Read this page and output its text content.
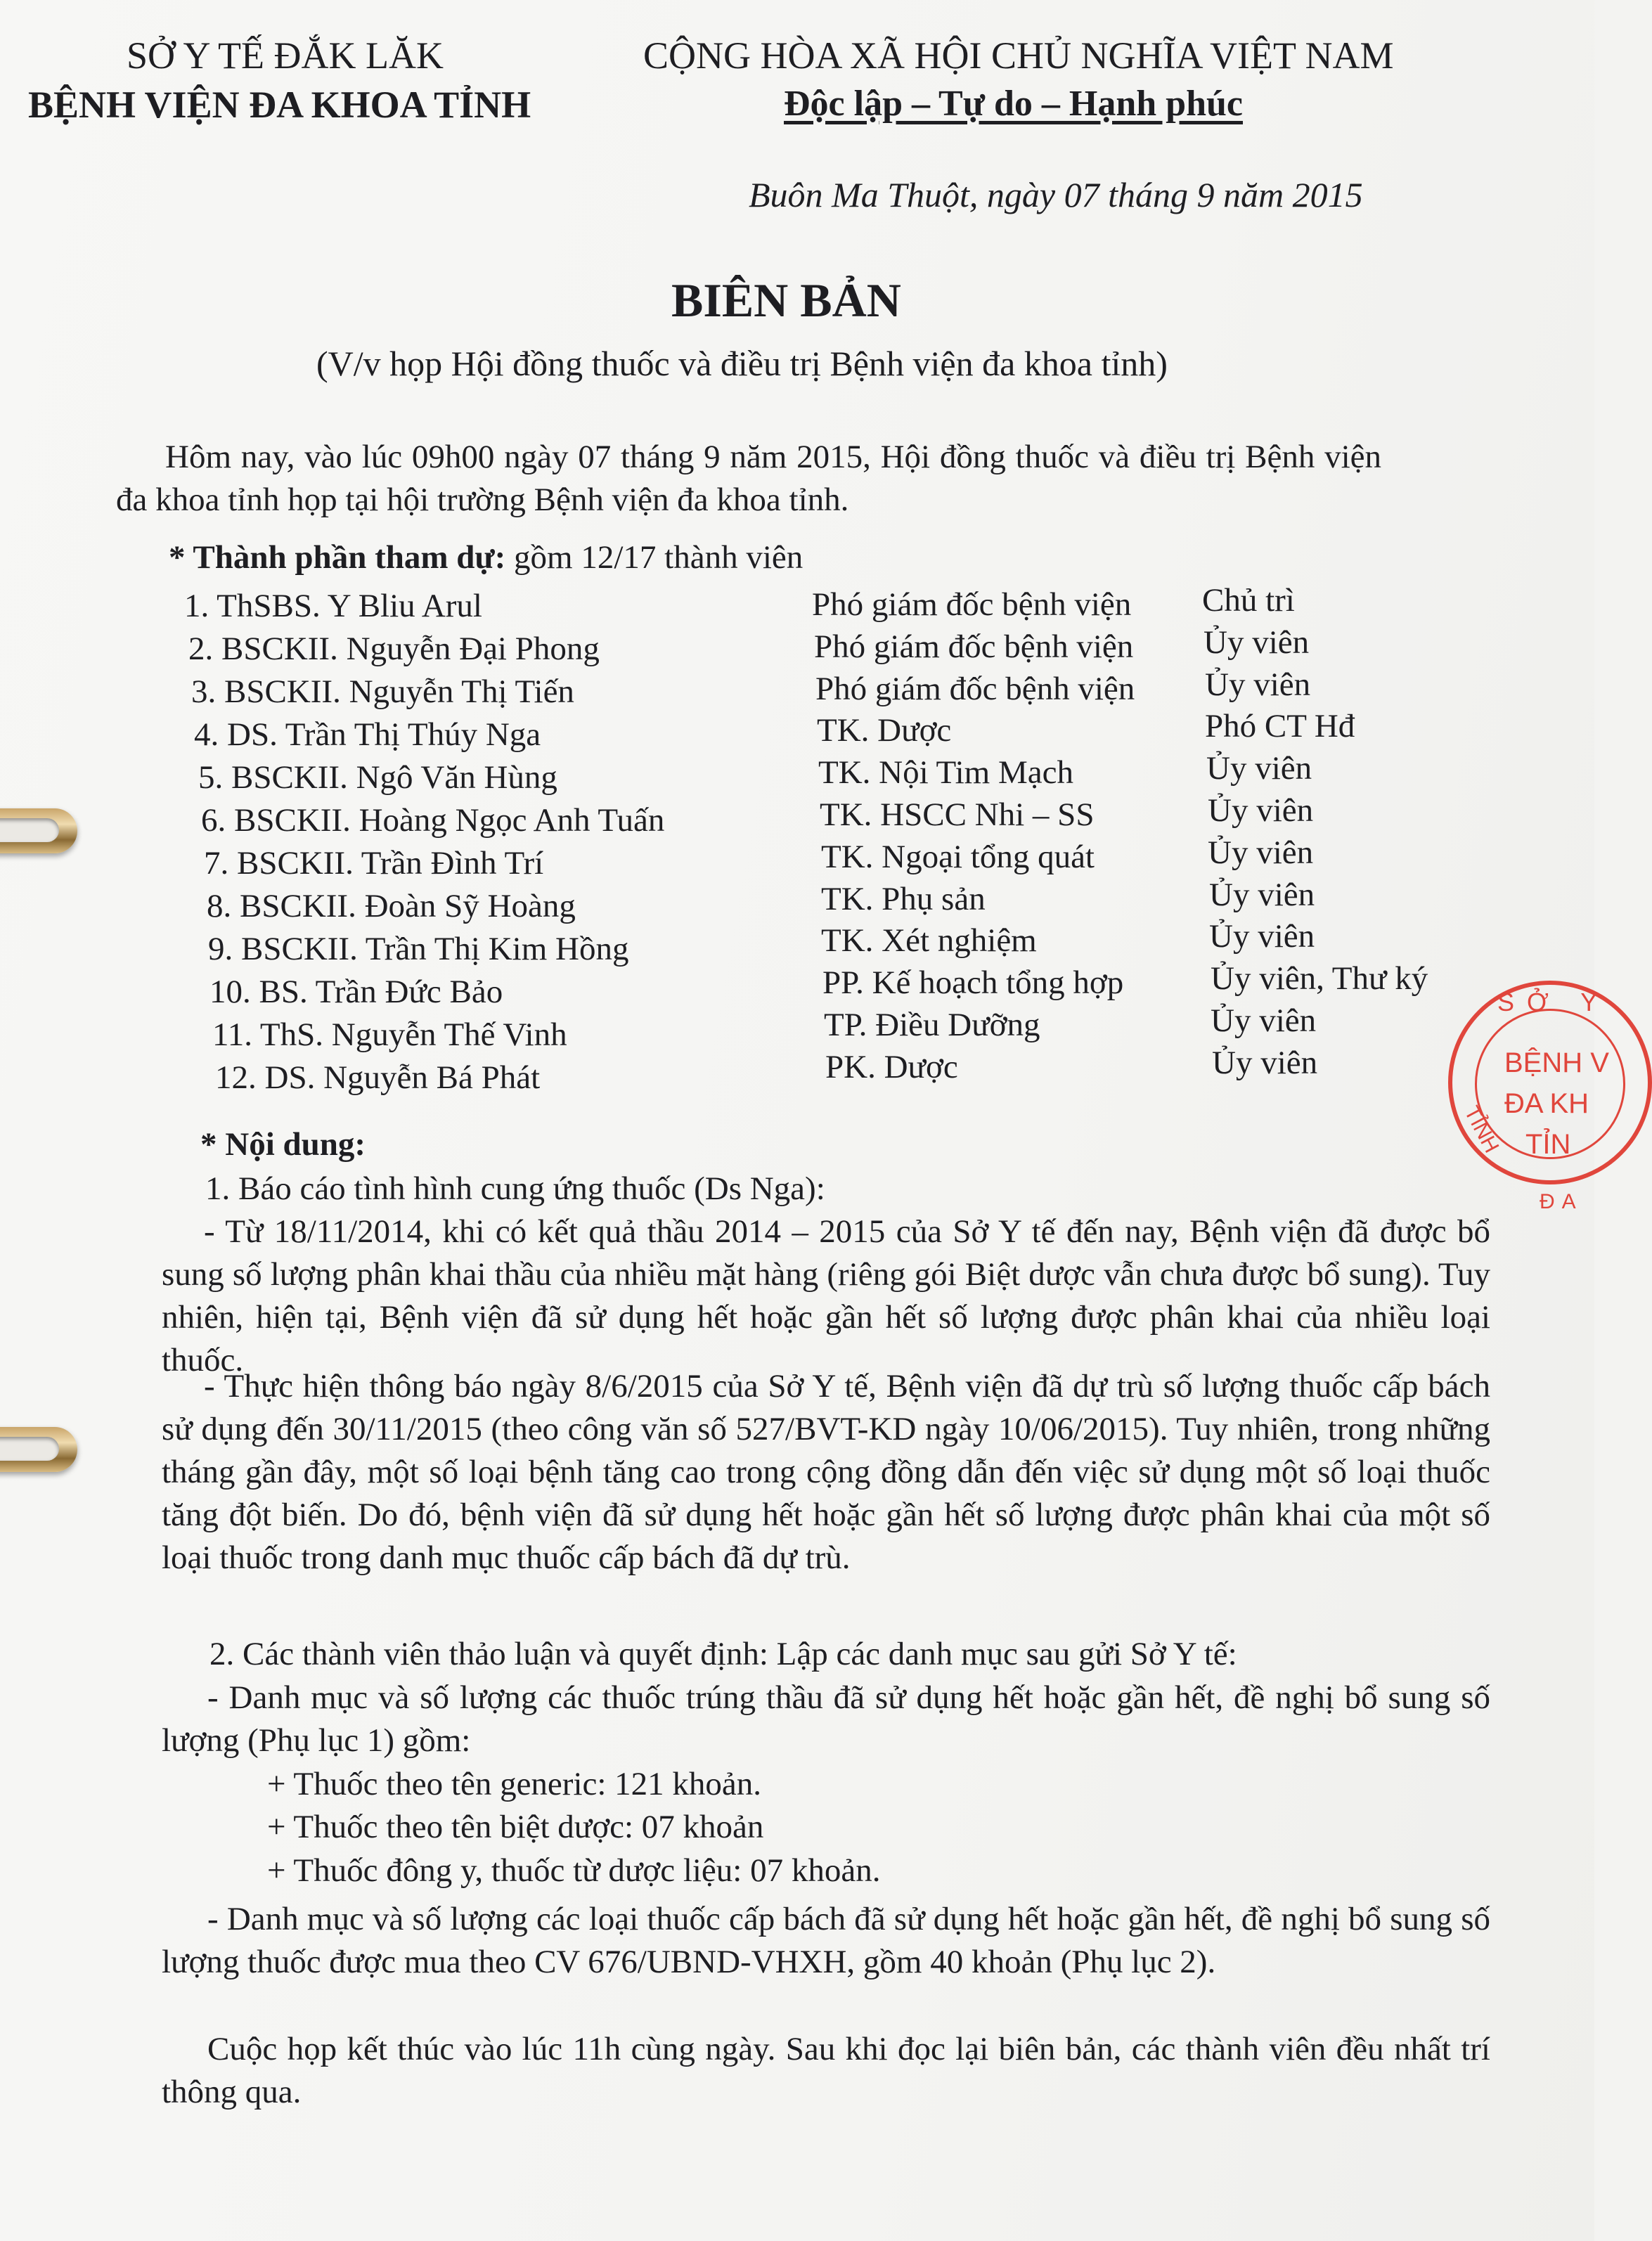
SỞ Y TẾ ĐẮK LĂK
BỆNH VIỆN ĐA KHOA TỈNH
CỘNG HÒA XÃ HỘI CHỦ NGHĨA VIỆT NAM
Độc lập – Tự do – Hạnh phúc
Buôn Ma Thuột, ngày 07 tháng 9 năm 2015
BIÊN BẢN
(V/v họp Hội đồng thuốc và điều trị Bệnh viện đa khoa tỉnh)
Hôm nay, vào lúc 09h00 ngày 07 tháng 9 năm 2015, Hội đồng thuốc và điều trị Bệnh viện đa khoa tỉnh họp tại hội trường Bệnh viện đa khoa tỉnh.
* Thành phần tham dự: gồm 12/17 thành viên
1. ThSBS. Y Bliu Arul	Phó giám đốc bệnh viện Chủ trì
2. BSCKII. Nguyễn Đại Phong	Phó giám đốc bệnh viện Ủy viên
3. BSCKII. Nguyễn Thị Tiến	Phó giám đốc bệnh viện Ủy viên
4. DS. Trần Thị Thúy Nga	TK. Dược	Phó CT Hđ
5. BSCKII. Ngô Văn Hùng	TK. Nội Tim Mạch	Ủy viên
6. BSCKII. Hoàng Ngọc Anh Tuấn	TK. HSCC Nhi – SS	Ủy viên
7. BSCKII. Trần Đình Trí	TK. Ngoại tổng quát	Ủy viên
8. BSCKII. Đoàn Sỹ Hoàng	TK. Phụ sản	Ủy viên
9. BSCKII. Trần Thị Kim Hồng	TK. Xét nghiệm	Ủy viên
10. BS. Trần Đức Bảo	PP. Kế hoạch tổng hợp	Ủy viên, Thư ký
11. ThS. Nguyễn Thế Vinh	TP. Điều Dưỡng	Ủy viên
12. DS. Nguyễn Bá Phát	PK. Dược	Ủy viên
* Nội dung:
1. Báo cáo tình hình cung ứng thuốc (Ds Nga):
- Từ 18/11/2014, khi có kết quả thầu 2014 – 2015 của Sở Y tế đến nay, Bệnh viện đã được bổ sung số lượng phân khai thầu của nhiều mặt hàng (riêng gói Biệt dược vẫn chưa được bổ sung). Tuy nhiên, hiện tại, Bệnh viện đã sử dụng hết hoặc gần hết số lượng được phân khai của nhiều loại thuốc.
- Thực hiện thông báo ngày 8/6/2015 của Sở Y tế, Bệnh viện đã dự trù số lượng thuốc cấp bách sử dụng đến 30/11/2015 (theo công văn số 527/BVT-KD ngày 10/06/2015). Tuy nhiên, trong những tháng gần đây, một số loại bệnh tăng cao trong cộng đồng dẫn đến việc sử dụng một số loại thuốc tăng đột biến. Do đó, bệnh viện đã sử dụng hết hoặc gần hết số lượng được phân khai của một số loại thuốc trong danh mục thuốc cấp bách đã dự trù.
2. Các thành viên thảo luận và quyết định: Lập các danh mục sau gửi Sở Y tế:
- Danh mục và số lượng các thuốc trúng thầu đã sử dụng hết hoặc gần hết, đề nghị bổ sung số lượng (Phụ lục 1) gồm:
+ Thuốc theo tên generic: 121 khoản.
+ Thuốc theo tên biệt dược: 07 khoản
+ Thuốc đông y, thuốc từ dược liệu: 07 khoản.
- Danh mục và số lượng các loại thuốc cấp bách đã sử dụng hết hoặc gần hết, đề nghị bổ sung số lượng thuốc được mua theo CV 676/UBND-VHXH, gồm 40 khoản (Phụ lục 2).
Cuộc họp kết thúc vào lúc 11h cùng ngày. Sau khi đọc lại biên bản, các thành viên đều nhất trí thông qua.
SỞ Y
BỆNH V
ĐA KH
TỈN
TỈNH
ĐA
